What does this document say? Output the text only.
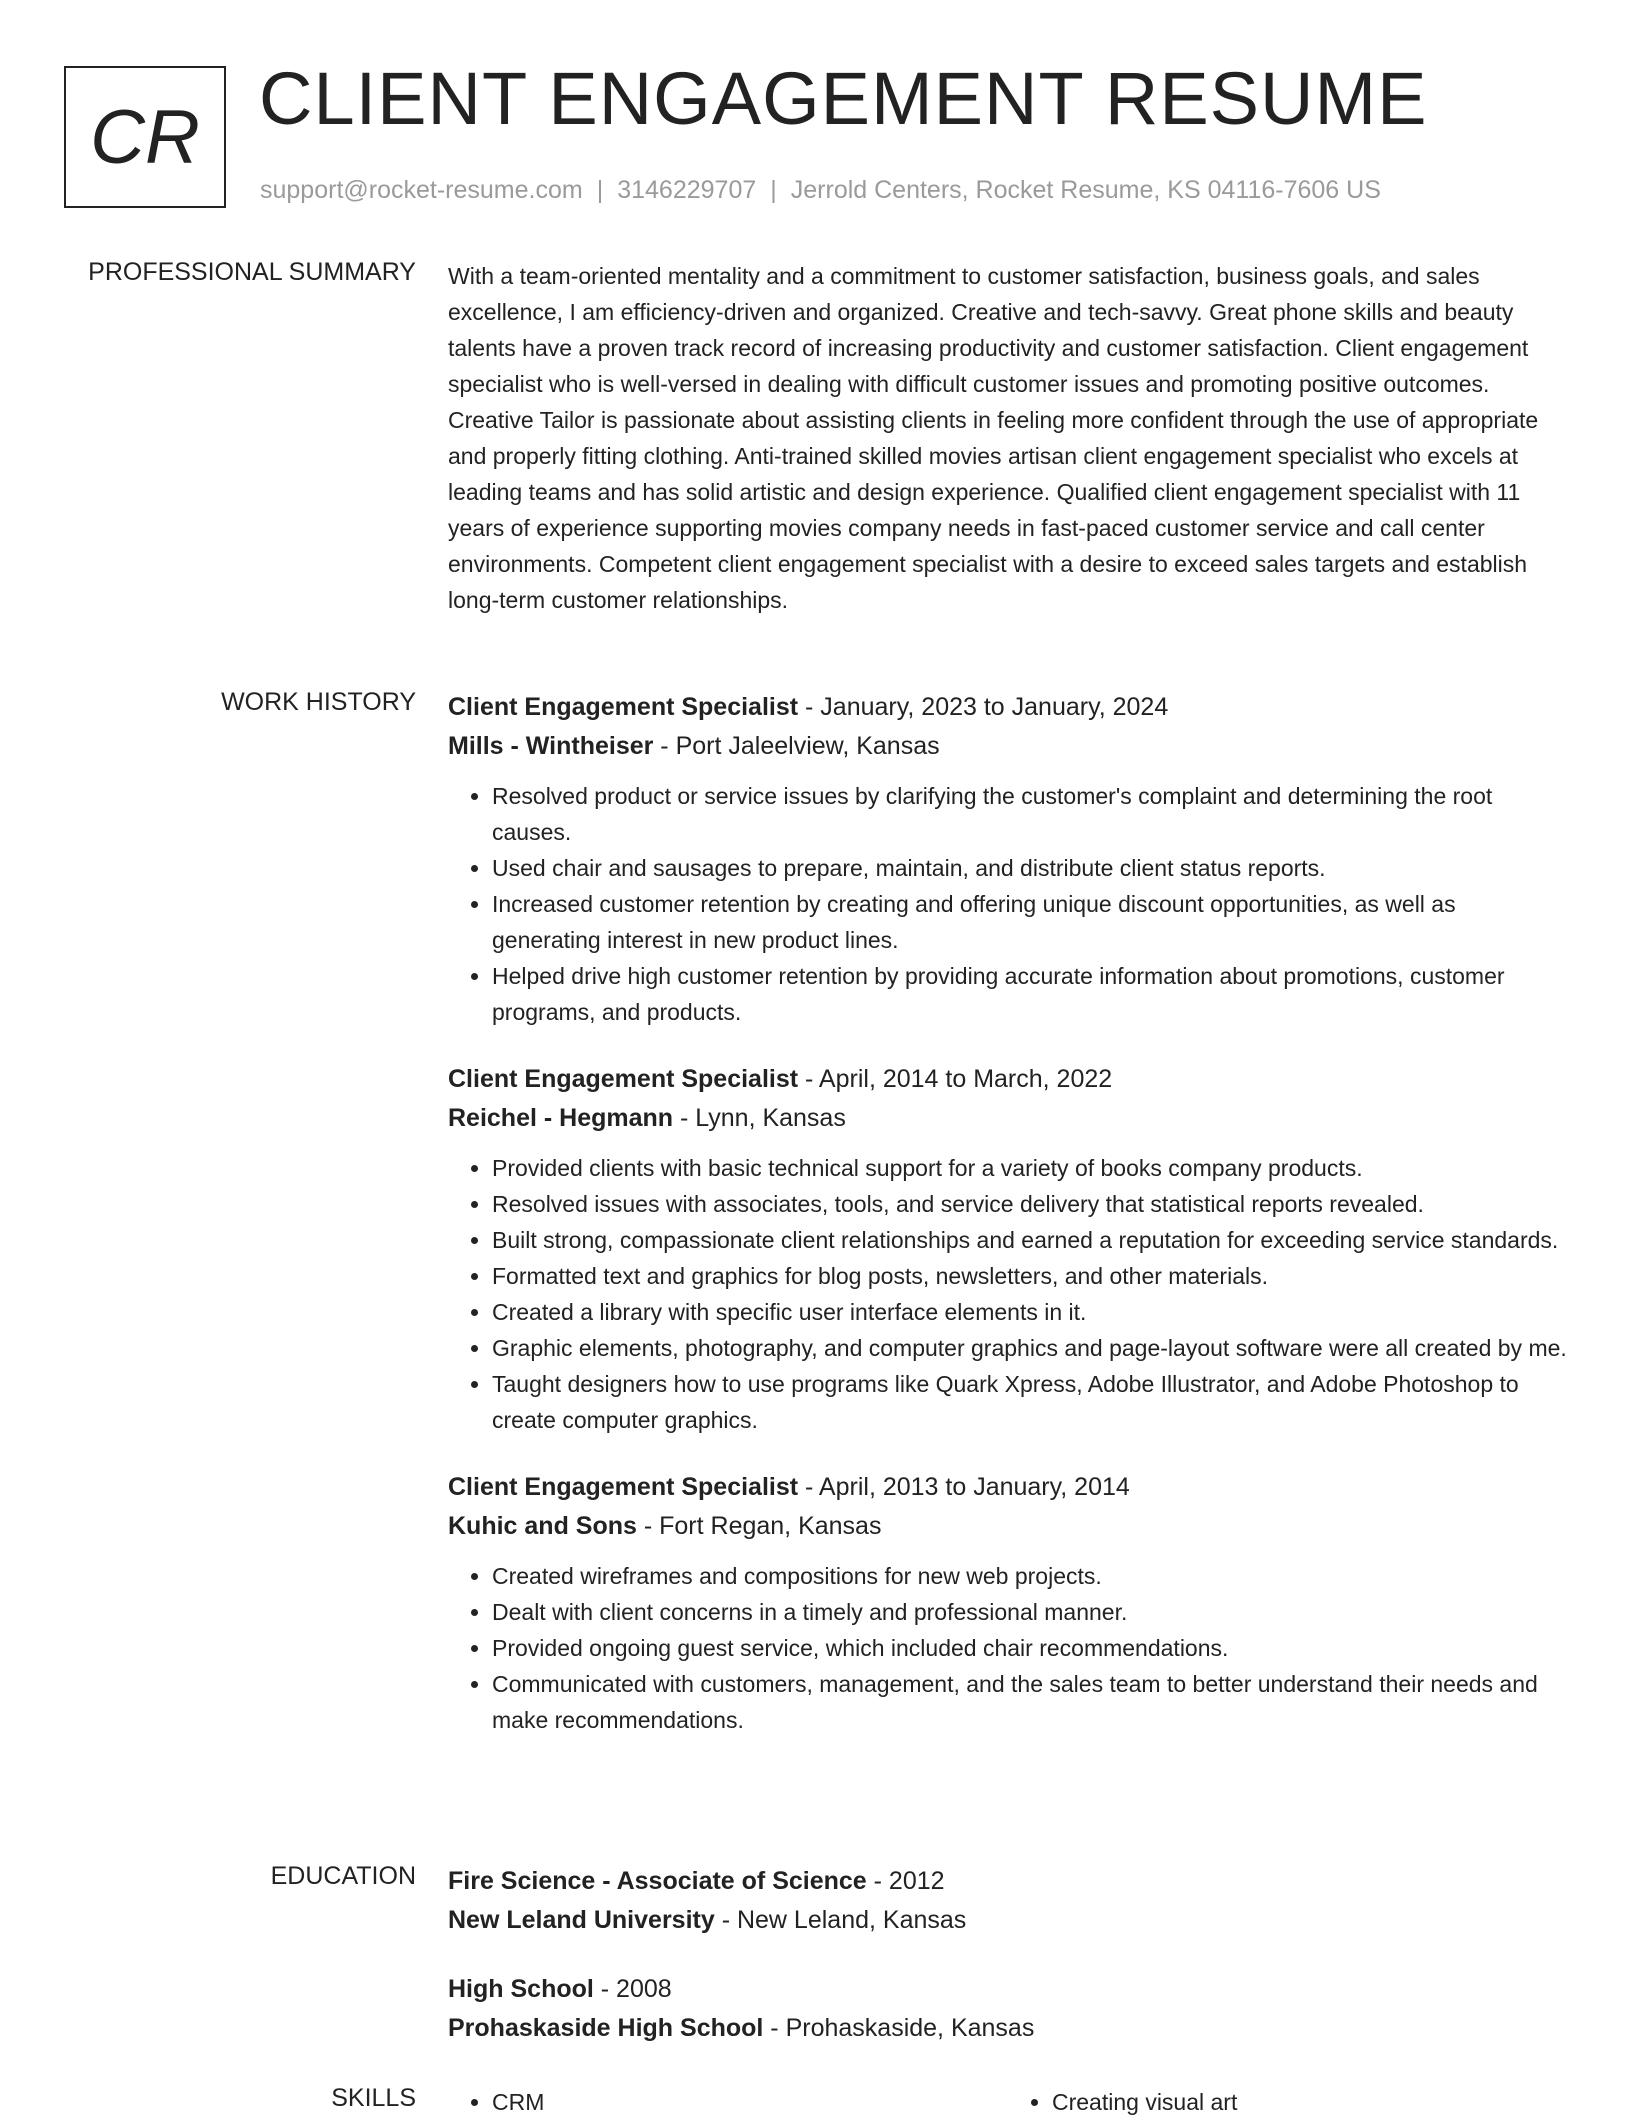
CR CLIENT ENGAGEMENT RESUME
support@rocket-resume.com | 3146229707 | Jerrold Centers, Rocket Resume, KS 04116-7606 US
PROFESSIONAL SUMMARY With a team-oriented mentality and a commitment to customer satisfaction, business goals, and sales excellence, I am efficiency-driven and organized. Creative and tech-savvy. Great phone skills and beauty talents have a proven track record of increasing productivity and customer satisfaction. Client engagement specialist who is well-versed in dealing with difficult customer issues and promoting positive outcomes. Creative Tailor is passionate about assisting clients in feeling more confident through the use of appropriate and properly fitting clothing. Anti-trained skilled movies artisan client engagement specialist who excels at leading teams and has solid artistic and design experience. Qualified client engagement specialist with 11 years of experience supporting movies company needs in fast-paced customer service and call center environments. Competent client engagement specialist with a desire to exceed sales targets and establish long-term customer relationships.

WORK HISTORY Client Engagement Specialist - January, 2023 to January, 2024
Mills - Wintheiser - Port Jaleelview, Kansas
• Resolved product or service issues by clarifying the customer's complaint and determining the root causes.
• Used chair and sausages to prepare, maintain, and distribute client status reports.
• Increased customer retention by creating and offering unique discount opportunities, as well as generating interest in new product lines.
• Helped drive high customer retention by providing accurate information about promotions, customer programs, and products.
Client Engagement Specialist - April, 2014 to March, 2022
Reichel - Hegmann - Lynn, Kansas
• Provided clients with basic technical support for a variety of books company products.
• Resolved issues with associates, tools, and service delivery that statistical reports revealed.
• Built strong, compassionate client relationships and earned a reputation for exceeding service standards.
• Formatted text and graphics for blog posts, newsletters, and other materials.
• Created a library with specific user interface elements in it.
• Graphic elements, photography, and computer graphics and page-layout software were all created by me.
• Taught designers how to use programs like Quark Xpress, Adobe Illustrator, and Adobe Photoshop to create computer graphics.
Client Engagement Specialist - April, 2013 to January, 2014
Kuhic and Sons - Fort Regan, Kansas
• Created wireframes and compositions for new web projects.
• Dealt with client concerns in a timely and professional manner.
• Provided ongoing guest service, which included chair recommendations.
• Communicated with customers, management, and the sales team to better understand their needs and make recommendations.
EDUCATION Fire Science - Associate of Science - 2012
New Leland University - New Leland, Kansas
High School - 2008
Prohaskaside High School - Prohaskaside, Kansas
SKILLS	• CRM	• Creating visual art
